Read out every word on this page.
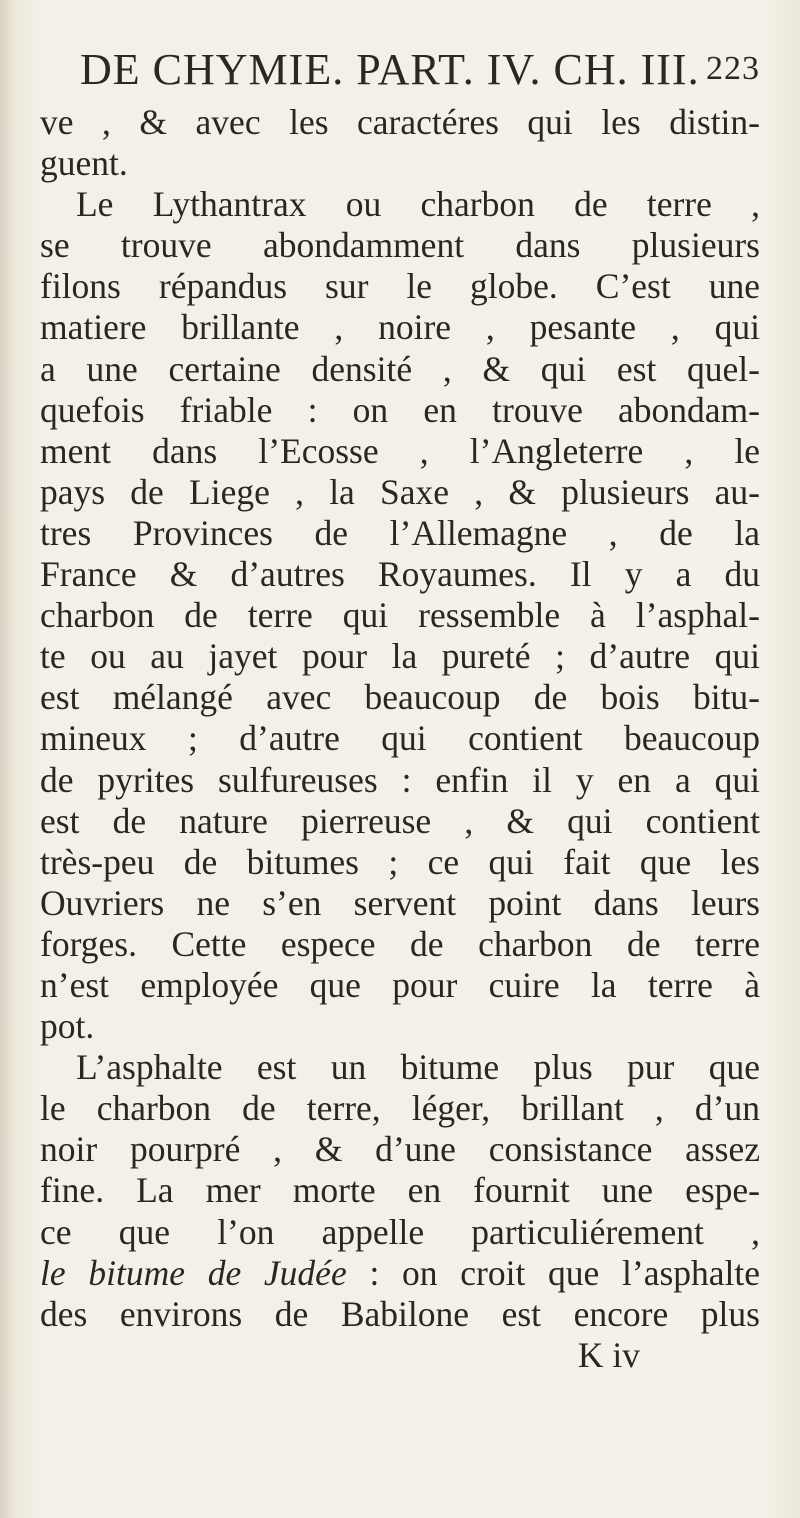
DE CHYMIE. PART. IV. CH. III. 223
ve , & avec les caractéres qui les distin-
guent.
Le Lythantrax ou charbon de terre ,
se trouve abondamment dans plusieurs
filons répandus sur le globe. C’est une
matiere brillante , noire , pesante , qui
a une certaine densité , & qui est quel-
quefois friable : on en trouve abondam-
ment dans l’Ecosse , l’Angleterre , le
pays de Liege , la Saxe , & plusieurs au-
tres Provinces de l’Allemagne , de la
France & d’autres Royaumes. Il y a du
charbon de terre qui ressemble à l’asphal-
te ou au jayet pour la pureté ; d’autre qui
est mélangé avec beaucoup de bois bitu-
mineux ; d’autre qui contient beaucoup
de pyrites sulfureuses : enfin il y en a qui
est de nature pierreuse , & qui contient
très-peu de bitumes ; ce qui fait que les
Ouvriers ne s’en servent point dans leurs
forges. Cette espece de charbon de terre
n’est employée que pour cuire la terre à
pot.
L’asphalte est un bitume plus pur que
le charbon de terre, léger, brillant , d’un
noir pourpré , & d’une consistance assez
fine. La mer morte en fournit une espe-
ce que l’on appelle particuliérement ,
le bitume de Judée : on croit que l’asphalte
des environs de Babilone est encore plus
K iv
